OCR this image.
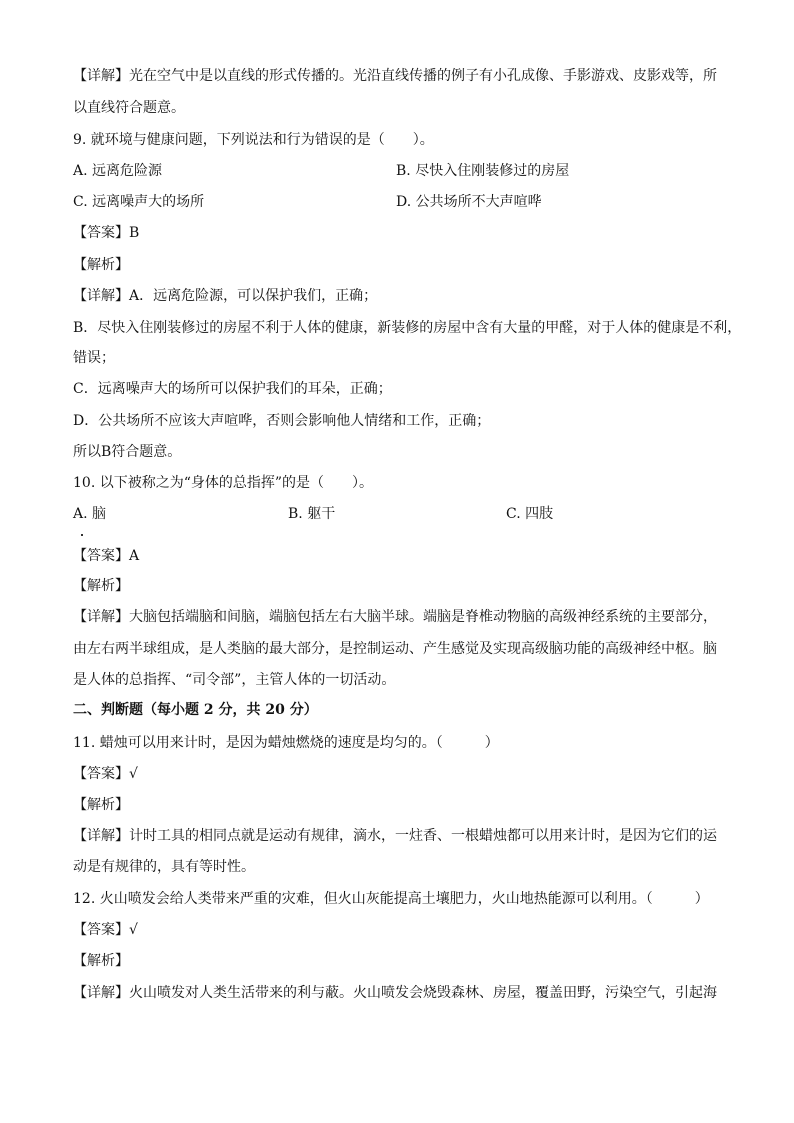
【详解】光在空气中是以直线的形式传播的。光沿直线传播的例子有小孔成像、手影游戏、皮影戏等，所
以直线符合题意。
9. 就环境与健康问题，下列说法和行为错误的是（　　）。
A. 远离危险源	B. 尽快入住刚装修过的房屋
C. 远离噪声大的场所	D. 公共场所不大声喧哗
【答案】B
【解析】
【详解】A．远离危险源，可以保护我们，正确；
B．尽快入住刚装修过的房屋不利于人体的健康，新装修的房屋中含有大量的甲醛，对于人体的健康是不利，
错误；
C．远离噪声大的场所可以保护我们的耳朵，正确；
D．公共场所不应该大声喧哗，否则会影响他人情绪和工作，正确；
所以B符合题意。
10. 以下被称之为“身体的总指挥”的是（　　）。
A. 脑	B. 躯干	C. 四肢
【答案】A
【解析】
【详解】大脑包括端脑和间脑，端脑包括左右大脑半球。端脑是脊椎动物脑的高级神经系统的主要部分，
由左右两半球组成，是人类脑的最大部分，是控制运动、产生感觉及实现高级脑功能的高级神经中枢。脑
是人体的总指挥、“司令部”，主管人体的一切活动。
二、判断题（每小题 2 分，共 20 分）
11. 蜡烛可以用来计时，是因为蜡烛燃烧的速度是均匀的。（　　　）
【答案】√
【解析】
【详解】计时工具的相同点就是运动有规律，滴水，一炷香、一根蜡烛都可以用来计时，是因为它们的运
动是有规律的，具有等时性。
12. 火山喷发会给人类带来严重的灾难，但火山灰能提高土壤肥力，火山地热能源可以利用。（　　　）
【答案】√
【解析】
【详解】火山喷发对人类生活带来的利与蔽。火山喷发会烧毁森林、房屋，覆盖田野，污染空气，引起海
